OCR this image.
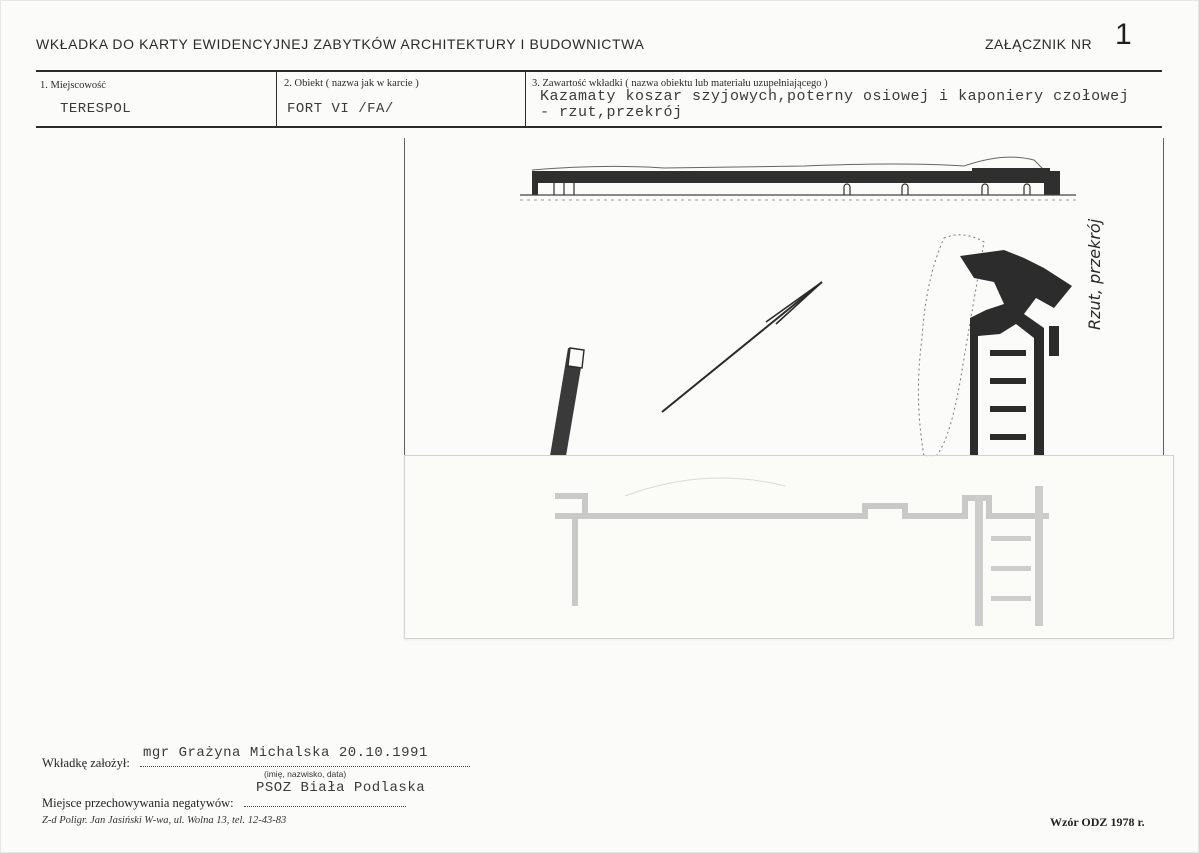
WKŁADKA DO KARTY EWIDENCYJNEJ ZABYTKÓW ARCHITEKTURY I BUDOWNICTWA	ZAŁĄCZNIK NR 1
1. Miejscowość
TERESPOL
2. Obiekt ( nazwa jak w karcie )
FORT VI /FA/
3. Zawartość wkładki ( nazwa obiektu lub materiału uzupełniającego )
Kazamaty koszar szyjowych,poterny osiowej i kaponiery czołowej
- rzut,przekrój
Rzut, przekrój
Wkładkę założył:
mgr Grażyna Michalska 20.10.1991
(imię, nazwisko, data)
Miejsce przechowywania negatywów:
PSOZ Biała Podlaska
Z-d Poligr. Jan Jasiński W-wa, ul. Wolna 13, tel. 12-43-83	Wzór ODZ 1978 r.
